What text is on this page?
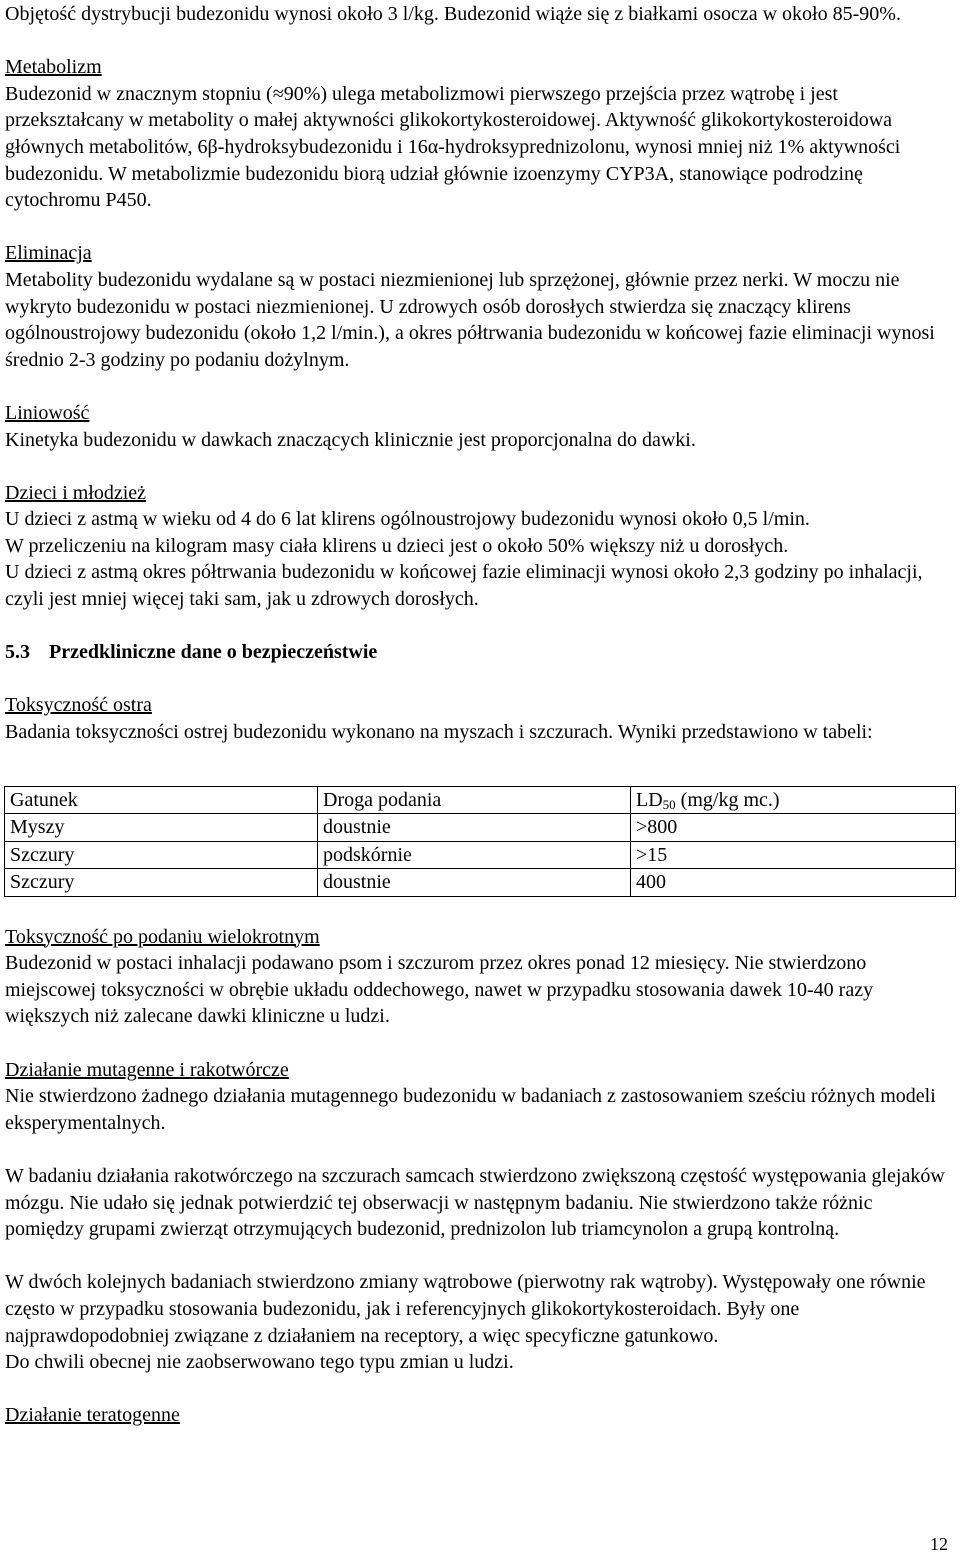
Objętość dystrybucji budezonidu wynosi około 3 l/kg. Budezonid wiąże się z białkami osocza w około 85-90%.

Metabolizm

Budezonid w znacznym stopniu (≈90%) ulega metabolizmowi pierwszego przejścia przez wątrobę i jest przekształcany w metabolity o małej aktywności glikokortykosteroidowej. Aktywność glikokortykosteroidowa głównych metabolitów, 6β-hydroksybudezonidu i 16α-hydroksyprednizolonu, wynosi mniej niż 1% aktywności budezonidu. W metabolizmie budezonidu biorą udział głównie izoenzymy CYP3A, stanowiące podrodzinę cytochromu P450.

Eliminacja

Metabolity budezonidu wydalane są w postaci niezmienionej lub sprzężonej, głównie przez nerki. W moczu nie wykryto budezonidu w postaci niezmienionej. U zdrowych osób dorosłych stwierdza się znaczący klirens ogólnoustrojowy budezonidu (około 1,2 l/min.), a okres półtrwania budezonidu w końcowej fazie eliminacji wynosi średnio 2-3 godziny po podaniu dożylnym.

Liniowość

Kinetyka budezonidu w dawkach znaczących klinicznie jest proporcjonalna do dawki.

Dzieci i młodzież

U dzieci z astmą w wieku od 4 do 6 lat klirens ogólnoustrojowy budezonidu wynosi około 0,5 l/min.

W przeliczeniu na kilogram masy ciała klirens u dzieci jest o około 50% większy niż u dorosłych.

U dzieci z astmą okres półtrwania budezonidu w końcowej fazie eliminacji wynosi około 2,3 godziny po inhalacji, czyli jest mniej więcej taki sam, jak u zdrowych dorosłych.

5.3 Przedkliniczne dane o bezpieczeństwie

Toksyczność ostra

Badania toksyczności ostrej budezonidu wykonano na myszach i szczurach. Wyniki przedstawiono w tabeli:

Gatunek	Droga podania	$LD_{50}$ (mg/kg mc.)
Myszy	doustnie	>800
Szczury	podskórnie	>15
Szczury	doustnie	400

Toksyczność po podaniu wielokrotnym

Budezonid w postaci inhalacji podawano psom i szczurom przez okres ponad 12 miesięcy. Nie stwierdzono miejscowej toksyczności w obrębie układu oddechowego, nawet w przypadku stosowania dawek 10-40 razy większych niż zalecane dawki kliniczne u ludzi.

Działanie mutagenne i rakotwórcze

Nie stwierdzono żadnego działania mutagennego budezonidu w badaniach z zastosowaniem sześciu różnych modeli eksperymentalnych.

W badaniu działania rakotwórczego na szczurach samcach stwierdzono zwiększoną częstość występowania glejaków mózgu. Nie udało się jednak potwierdzić tej obserwacji w następnym badaniu. Nie stwierdzono także różnic pomiędzy grupami zwierząt otrzymujących budezonid, prednizolon lub triamcynolon a grupą kontrolną.

W dwóch kolejnych badaniach stwierdzono zmiany wątrobowe (pierwotny rak wątroby). Występowały one równie często w przypadku stosowania budezonidu, jak i referencyjnych glikokortykosteroidach. Były one najprawdopodobniej związane z działaniem na receptory, a więc specyficzne gatunkowo.

Do chwili obecnej nie zaobserwowano tego typu zmian u ludzi.

Działanie teratogenne

12
